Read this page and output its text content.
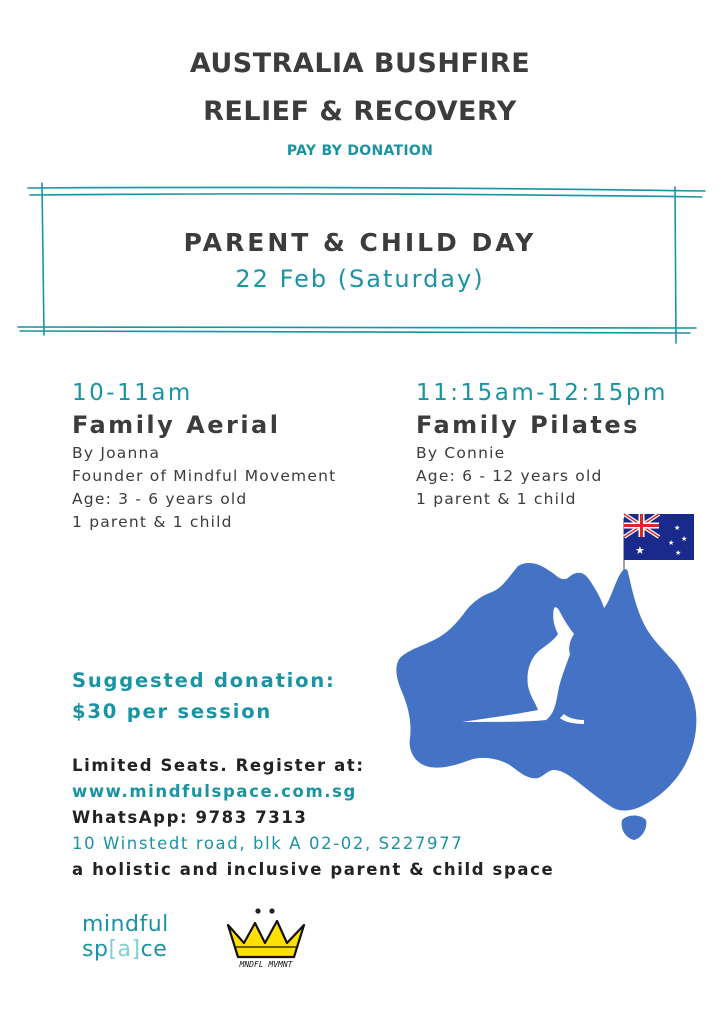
AUSTRALIA BUSHFIRE
RELIEF & RECOVERY
PAY BY DONATION
PARENT & CHILD DAY
22 Feb (Saturday)
10-11am
Family Aerial
By Joanna
Founder of Mindful Movement
Age: 3 - 6 years old
1 parent & 1 child
11:15am-12:15pm
Family Pilates
By Connie
Age: 6 - 12 years old
1 parent & 1 child
★
★
★
★
★
Suggested donation:
$30 per session
Limited Seats. Register at:
www.mindfulspace.com.sg
WhatsApp: 9783 7313
10 Winstedt road, blk A 02-02, S227977
a holistic and inclusive parent & child space
mindful
sp[a]ce
MNDFL MVMNT
